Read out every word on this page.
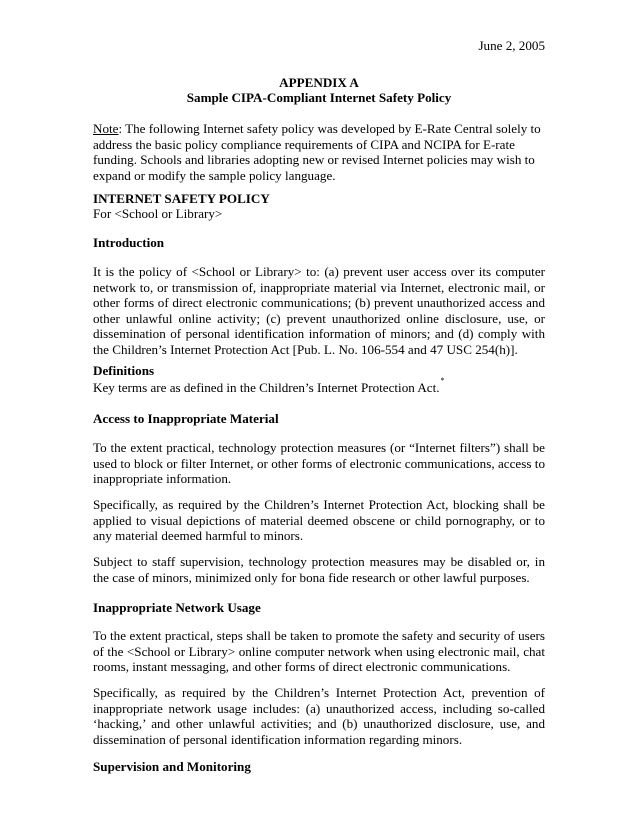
June 2, 2005

APPENDIX A

Sample CIPA-Compliant Internet Safety Policy

Note: The following Internet safety policy was developed by E-Rate Central solely to address the basic policy compliance requirements of CIPA and NCIPA for E-rate funding. Schools and libraries adopting new or revised Internet policies may wish to expand or modify the sample policy language.

INTERNET SAFETY POLICY

For <School or Library>

Introduction

It is the policy of <School or Library> to: (a) prevent user access over its computer network to, or transmission of, inappropriate material via Internet, electronic mail, or other forms of direct electronic communications; (b) prevent unauthorized access and other unlawful online activity; (c) prevent unauthorized online disclosure, use, or dissemination of personal identification information of minors; and (d) comply with the Children’s Internet Protection Act [Pub. L. No. 106-554 and 47 USC 254(h)].

Definitions

Key terms are as defined in the Children’s Internet Protection Act.*

Access to Inappropriate Material

To the extent practical, technology protection measures (or “Internet filters”) shall be used to block or filter Internet, or other forms of electronic communications, access to inappropriate information.

Specifically, as required by the Children’s Internet Protection Act, blocking shall be applied to visual depictions of material deemed obscene or child pornography, or to any material deemed harmful to minors.

Subject to staff supervision, technology protection measures may be disabled or, in the case of minors, minimized only for bona fide research or other lawful purposes.

Inappropriate Network Usage

To the extent practical, steps shall be taken to promote the safety and security of users of the <School or Library> online computer network when using electronic mail, chat rooms, instant messaging, and other forms of direct electronic communications.

Specifically, as required by the Children’s Internet Protection Act, prevention of inappropriate network usage includes: (a) unauthorized access, including so-called ‘hacking,’ and other unlawful activities; and (b) unauthorized disclosure, use, and dissemination of personal identification information regarding minors.

Supervision and Monitoring
